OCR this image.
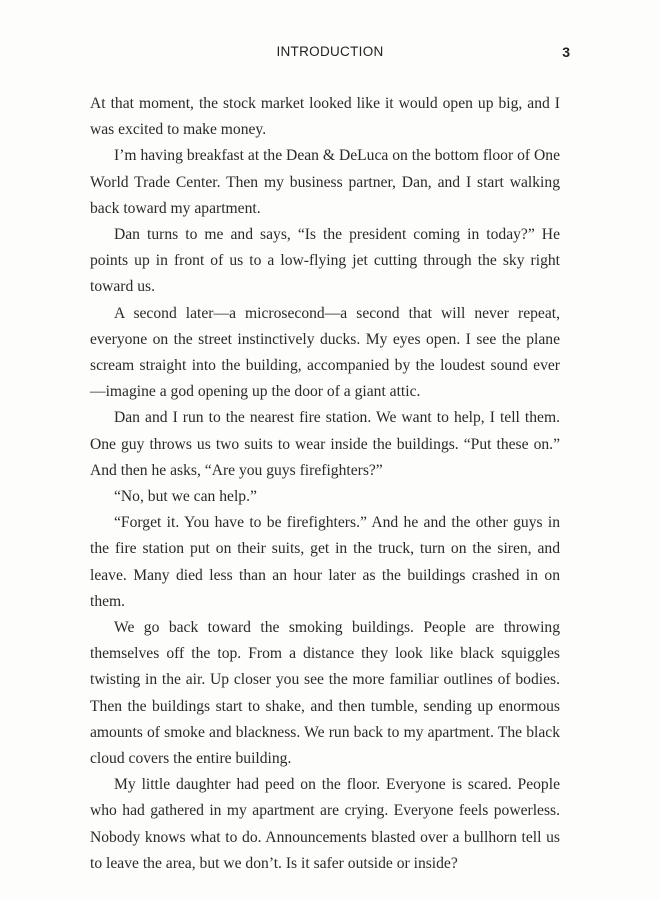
INTRODUCTION	3

At that moment, the stock market looked like it would open up big, and I was excited to make money.

I’m having breakfast at the Dean & DeLuca on the bottom floor of One World Trade Center. Then my business partner, Dan, and I start walking back toward my apartment.

Dan turns to me and says, “Is the president coming in today?” He points up in front of us to a low-flying jet cutting through the sky right toward us.

A second later—a microsecond—a second that will never repeat, everyone on the street instinctively ducks. My eyes open. I see the plane scream straight into the building, accompanied by the loudest sound ever—imagine a god opening up the door of a giant attic.

Dan and I run to the nearest fire station. We want to help, I tell them. One guy throws us two suits to wear inside the buildings. “Put these on.” And then he asks, “Are you guys firefighters?”

“No, but we can help.”

“Forget it. You have to be firefighters.” And he and the other guys in the fire station put on their suits, get in the truck, turn on the siren, and leave. Many died less than an hour later as the buildings crashed in on them.

We go back toward the smoking buildings. People are throwing themselves off the top. From a distance they look like black squiggles twisting in the air. Up closer you see the more familiar outlines of bodies. Then the buildings start to shake, and then tumble, sending up enormous amounts of smoke and blackness. We run back to my apartment. The black cloud covers the entire building.

My little daughter had peed on the floor. Everyone is scared. People who had gathered in my apartment are crying. Everyone feels powerless. Nobody knows what to do. Announcements blasted over a bullhorn tell us to leave the area, but we don’t. Is it safer outside or inside?
